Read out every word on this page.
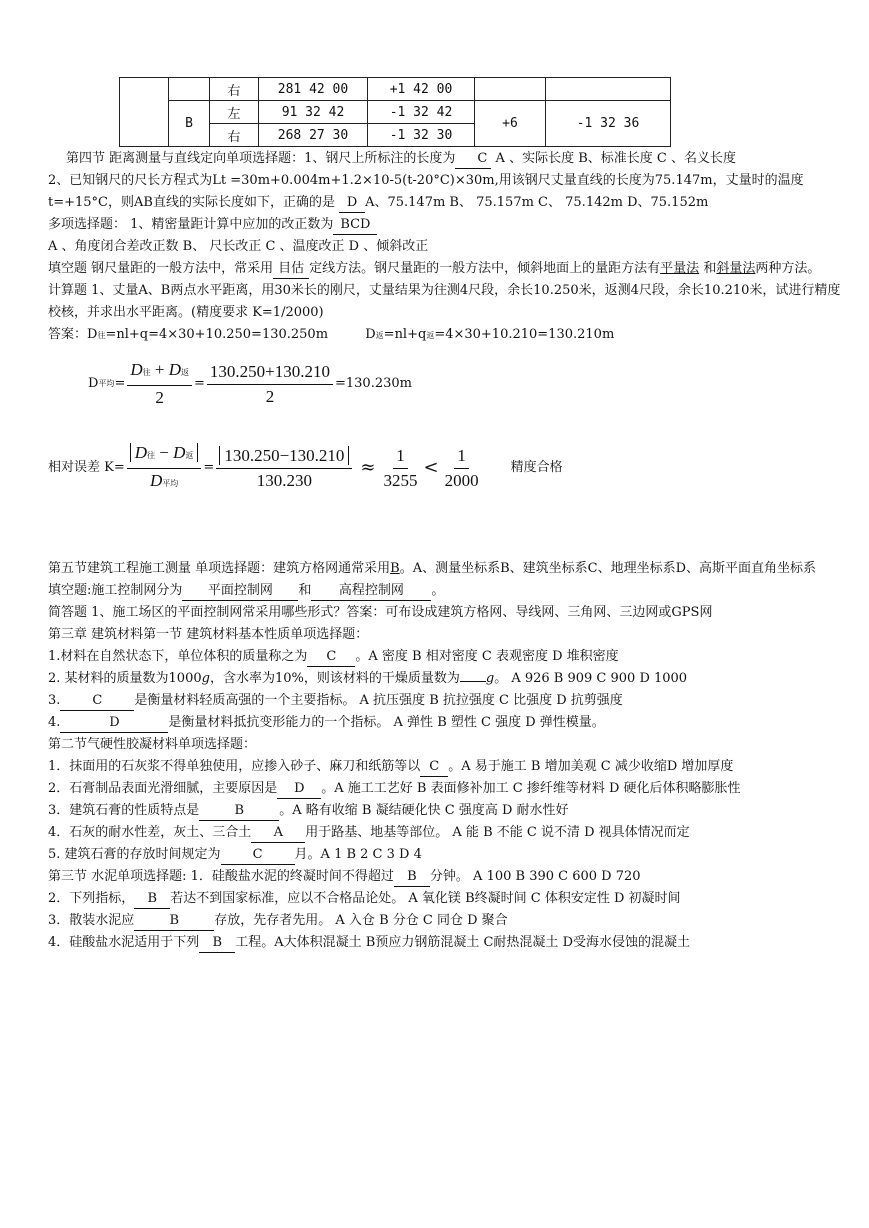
		右	281 42 00	+1 42 00		
	B	左	91 32 42	-1 32 42	+6	-1 32 36
		右	268 27 30	-1 32 30		

第四节 距离测量与直线定向单项选择题：1、钢尺上所标注的长度为 C A 、实际长度 B、标准长度 C 、名义长度

2、已知钢尺的尺长方程式为Lt =30m+0.004m+1.2×10-5(t-20°C)×30m,用该钢尺丈量直线的长度为75.147m，丈量时的温度 t=+15°C，则AB直线的实际长度如下，正确的是 D A、75.147m B、 75.157m C、 75.142m D、75.152m

多项选择题： 1、精密量距计算中应加的改正数为 BCD

A 、角度闭合差改正数 B、 尺长改正 C 、温度改正 D 、倾斜改正

填空题 钢尺量距的一般方法中，常采用 目估 定线方法。钢尺量距的一般方法中，倾斜地面上的量距方法有平量法 和斜量法两种方法。

计算题 1、丈量A、B两点水平距离，用30米长的刚尺，丈量结果为往测4尺段，余长10.250米，返测4尺段，余长10.210米，试进行精度校核，并求出水平距离。(精度要求 K=1/2000)

答案：D往=nl+q=4×30+10.250=130.250m	D返=nl+q返=4×30+10.210=130.210m

D 平均 = $\frac{\text{D往 + D返}}{2} = \frac{130.250+130.210}{2} =130.230m$
相对误差 $K= \frac{\text{D往 − D返}}{\text{D平均}} = \frac{130.250-130.210}{130.230} \approx \frac{1}{3255} < \frac{1}{2000}$ 精度合格

第五节建筑工程施工测量 单项选择题：建筑方格网通常采用B。A、测量坐标系B、建筑坐标系C、地理坐标系D、高斯平面直角坐标系

填空题:施工控制网分为 平面控制网 和 高程控制网 。

简答题 1、施工场区的平面控制网常采用哪些形式？答案：可布设成建筑方格网、导线网、三角网、三边网或GPS网

第三章 建筑材料第一节 建筑材料基本性质单项选择题：

1.材料在自然状态下，单位体积的质量称之为 C 。A 密度 B 相对密度 C 表观密度 D 堆积密度

2. 某材料的质量数为1000g，含水率为10%，则该材料的干燥质量数为 g。 A 926 B 909 C 900 D 1000

3. C 是衡量材料轻质高强的一个主要指标。 A 抗压强度 B 抗拉强度 C 比强度 D 抗剪强度

4.	D	是衡量材料抵抗变形能力的一个指标。 A 弹性 B 塑性 C 强度 D 弹性模量。

第二节气硬性胶凝材料单项选择题：

1．抹面用的石灰浆不得单独使用，应掺入砂子、麻刀和纸筋等以 C 。A 易于施工 B 增加美观 C 减少收缩D 增加厚度

2．石膏制品表面光滑细腻，主要原因是 D 。A 施工工艺好 B 表面修补加工 C 掺纤维等材料 D 硬化后体积略膨胀性

3．建筑石膏的性质特点是	B	。A 略有收缩 B 凝结硬化快 C 强度高 D 耐水性好

4．石灰的耐水性差，灰土、三合土 A 用于路基、地基等部位。 A 能 B 不能 C 说不清 D 视具体情况而定

5. 建筑石膏的存放时间规定为 C 月。A 1 B 2 C 3 D 4

第三节 水泥单项选择题: 1．硅酸盐水泥的终凝时间不得超过 B 分钟。 A 100 B 390 C 600 D 720

2．下列指标， B 若达不到国家标准，应以不合格品论处。 A 氧化镁 B终凝时间 C 体积安定性 D 初凝时间

3．散装水泥应	B	存放，先存者先用。 A 入仓 B 分仓 C 同仓 D 聚合

4．硅酸盐水泥适用于下列 B 工程。A大体积混凝土 B预应力钢筋混凝土 C耐热混凝土 D受海水侵蚀的混凝土
